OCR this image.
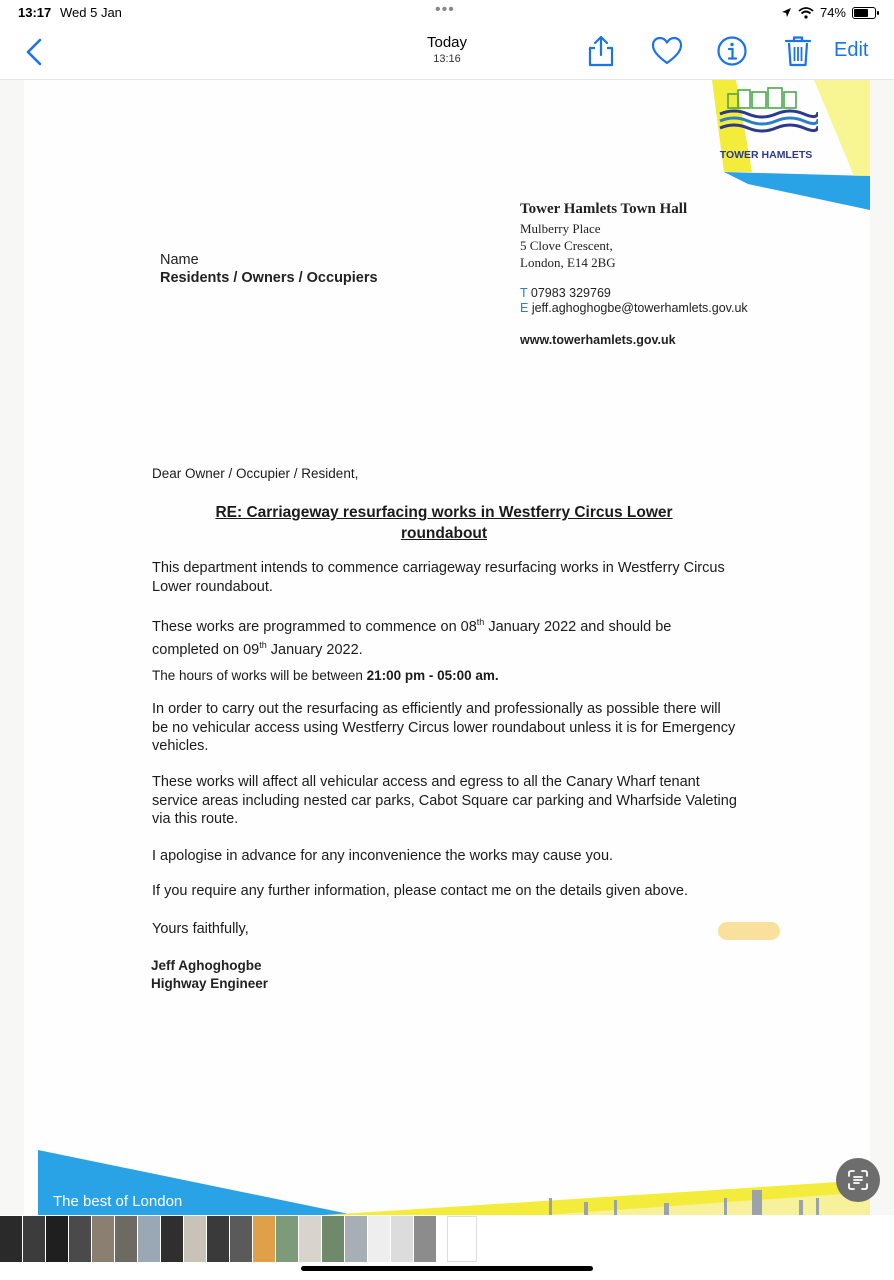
13:17 Wed 5 Jan	•••	74%
Today
13:16	Edit
TOWER HAMLETS
Tower Hamlets Town Hall
Mulberry Place
5 Clove Crescent,
London, E14 2BG
T 07983 329769
E jeff.aghoghogbe@towerhamlets.gov.uk
www.towerhamlets.gov.uk
Name
Residents / Owners / Occupiers
Dear Owner / Occupier / Resident,
RE: Carriageway resurfacing works in Westferry Circus Lower
roundabout
This department intends to commence carriageway resurfacing works in Westferry Circus Lower roundabout.
These works are programmed to commence on 08th January 2022 and should be completed on 09th January 2022.
The hours of works will be between 21:00 pm - 05:00 am.
In order to carry out the resurfacing as efficiently and professionally as possible there will be no vehicular access using Westferry Circus lower roundabout unless it is for Emergency vehicles.
These works will affect all vehicular access and egress to all the Canary Wharf tenant service areas including nested car parks, Cabot Square car parking and Wharfside Valeting via this route.
I apologise in advance for any inconvenience the works may cause you.
If you require any further information, please contact me on the details given above.
Yours faithfully,
Jeff Aghoghogbe
Highway Engineer
The best of London
